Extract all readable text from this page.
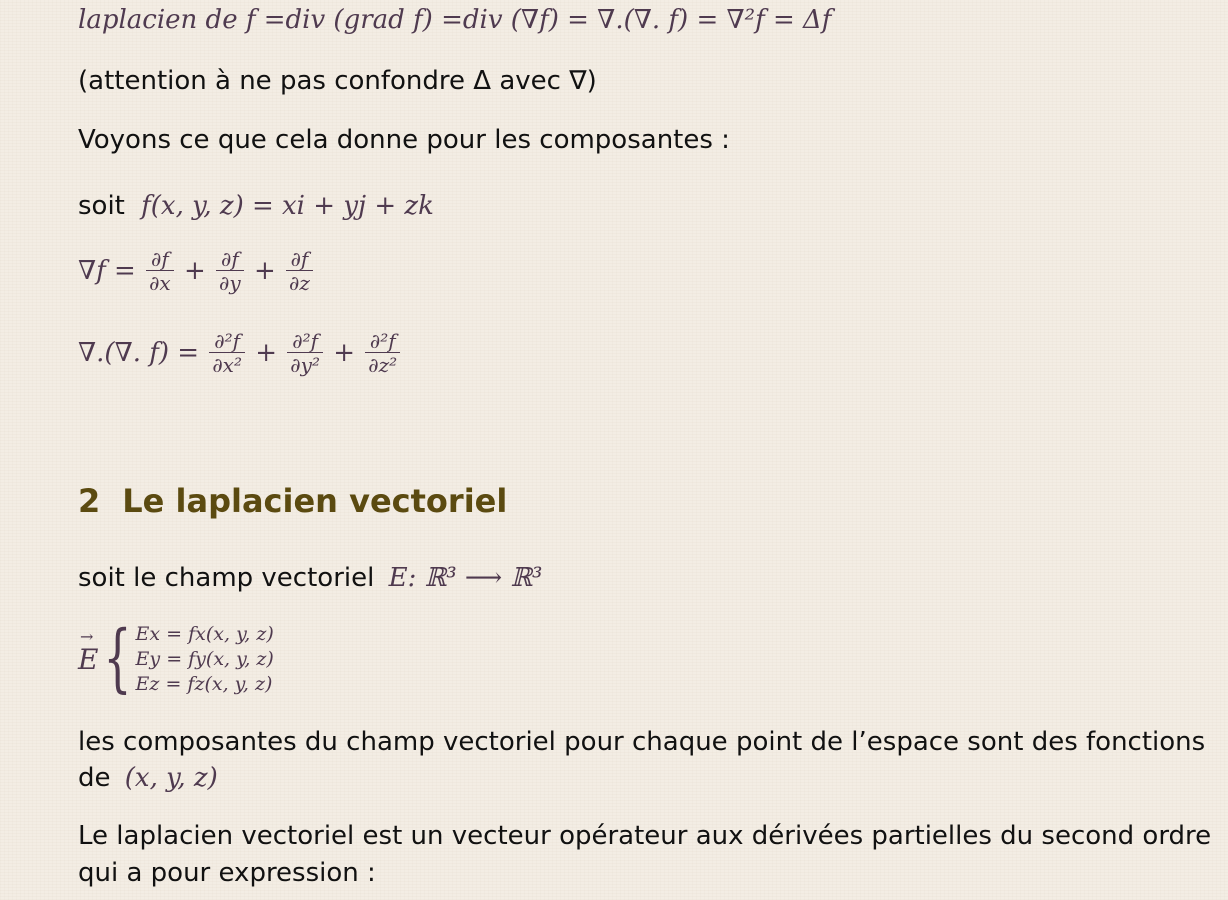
laplacien de f =div (grad f) =div (∇f) = ∇.(∇. f) = ∇²f = Δf
(attention à ne pas confondre Δ avec ∇)
Voyons ce que cela donne pour les composantes :
soit f(x, y, z) = xi + yj + zk
$\nabla f = \frac{\partial f}{\partial x} + \frac{\partial f}{\partial y} + \frac{\partial f}{\partial z}$
∇.(∇. $f) = \frac{\text{∂²f}}{\text{∂x²}} + \frac{\text{∂²f}}{\text{∂y²}} + \frac{\text{∂²f}}{\text{∂z²}}$
2 Le laplacien vectoriel
soit le champ vectoriel E: ℝ³ ⟶ ℝ³
E → { Ex = fx(x, y, z)
Ey = fy(x, y, z)
Ez = fz(x, y, z)
les composantes du champ vectoriel pour chaque point de l’espace sont des fonctions
de (x, y, z)
Le laplacien vectoriel est un vecteur opérateur aux dérivées partielles du second ordre
qui a pour expression :
